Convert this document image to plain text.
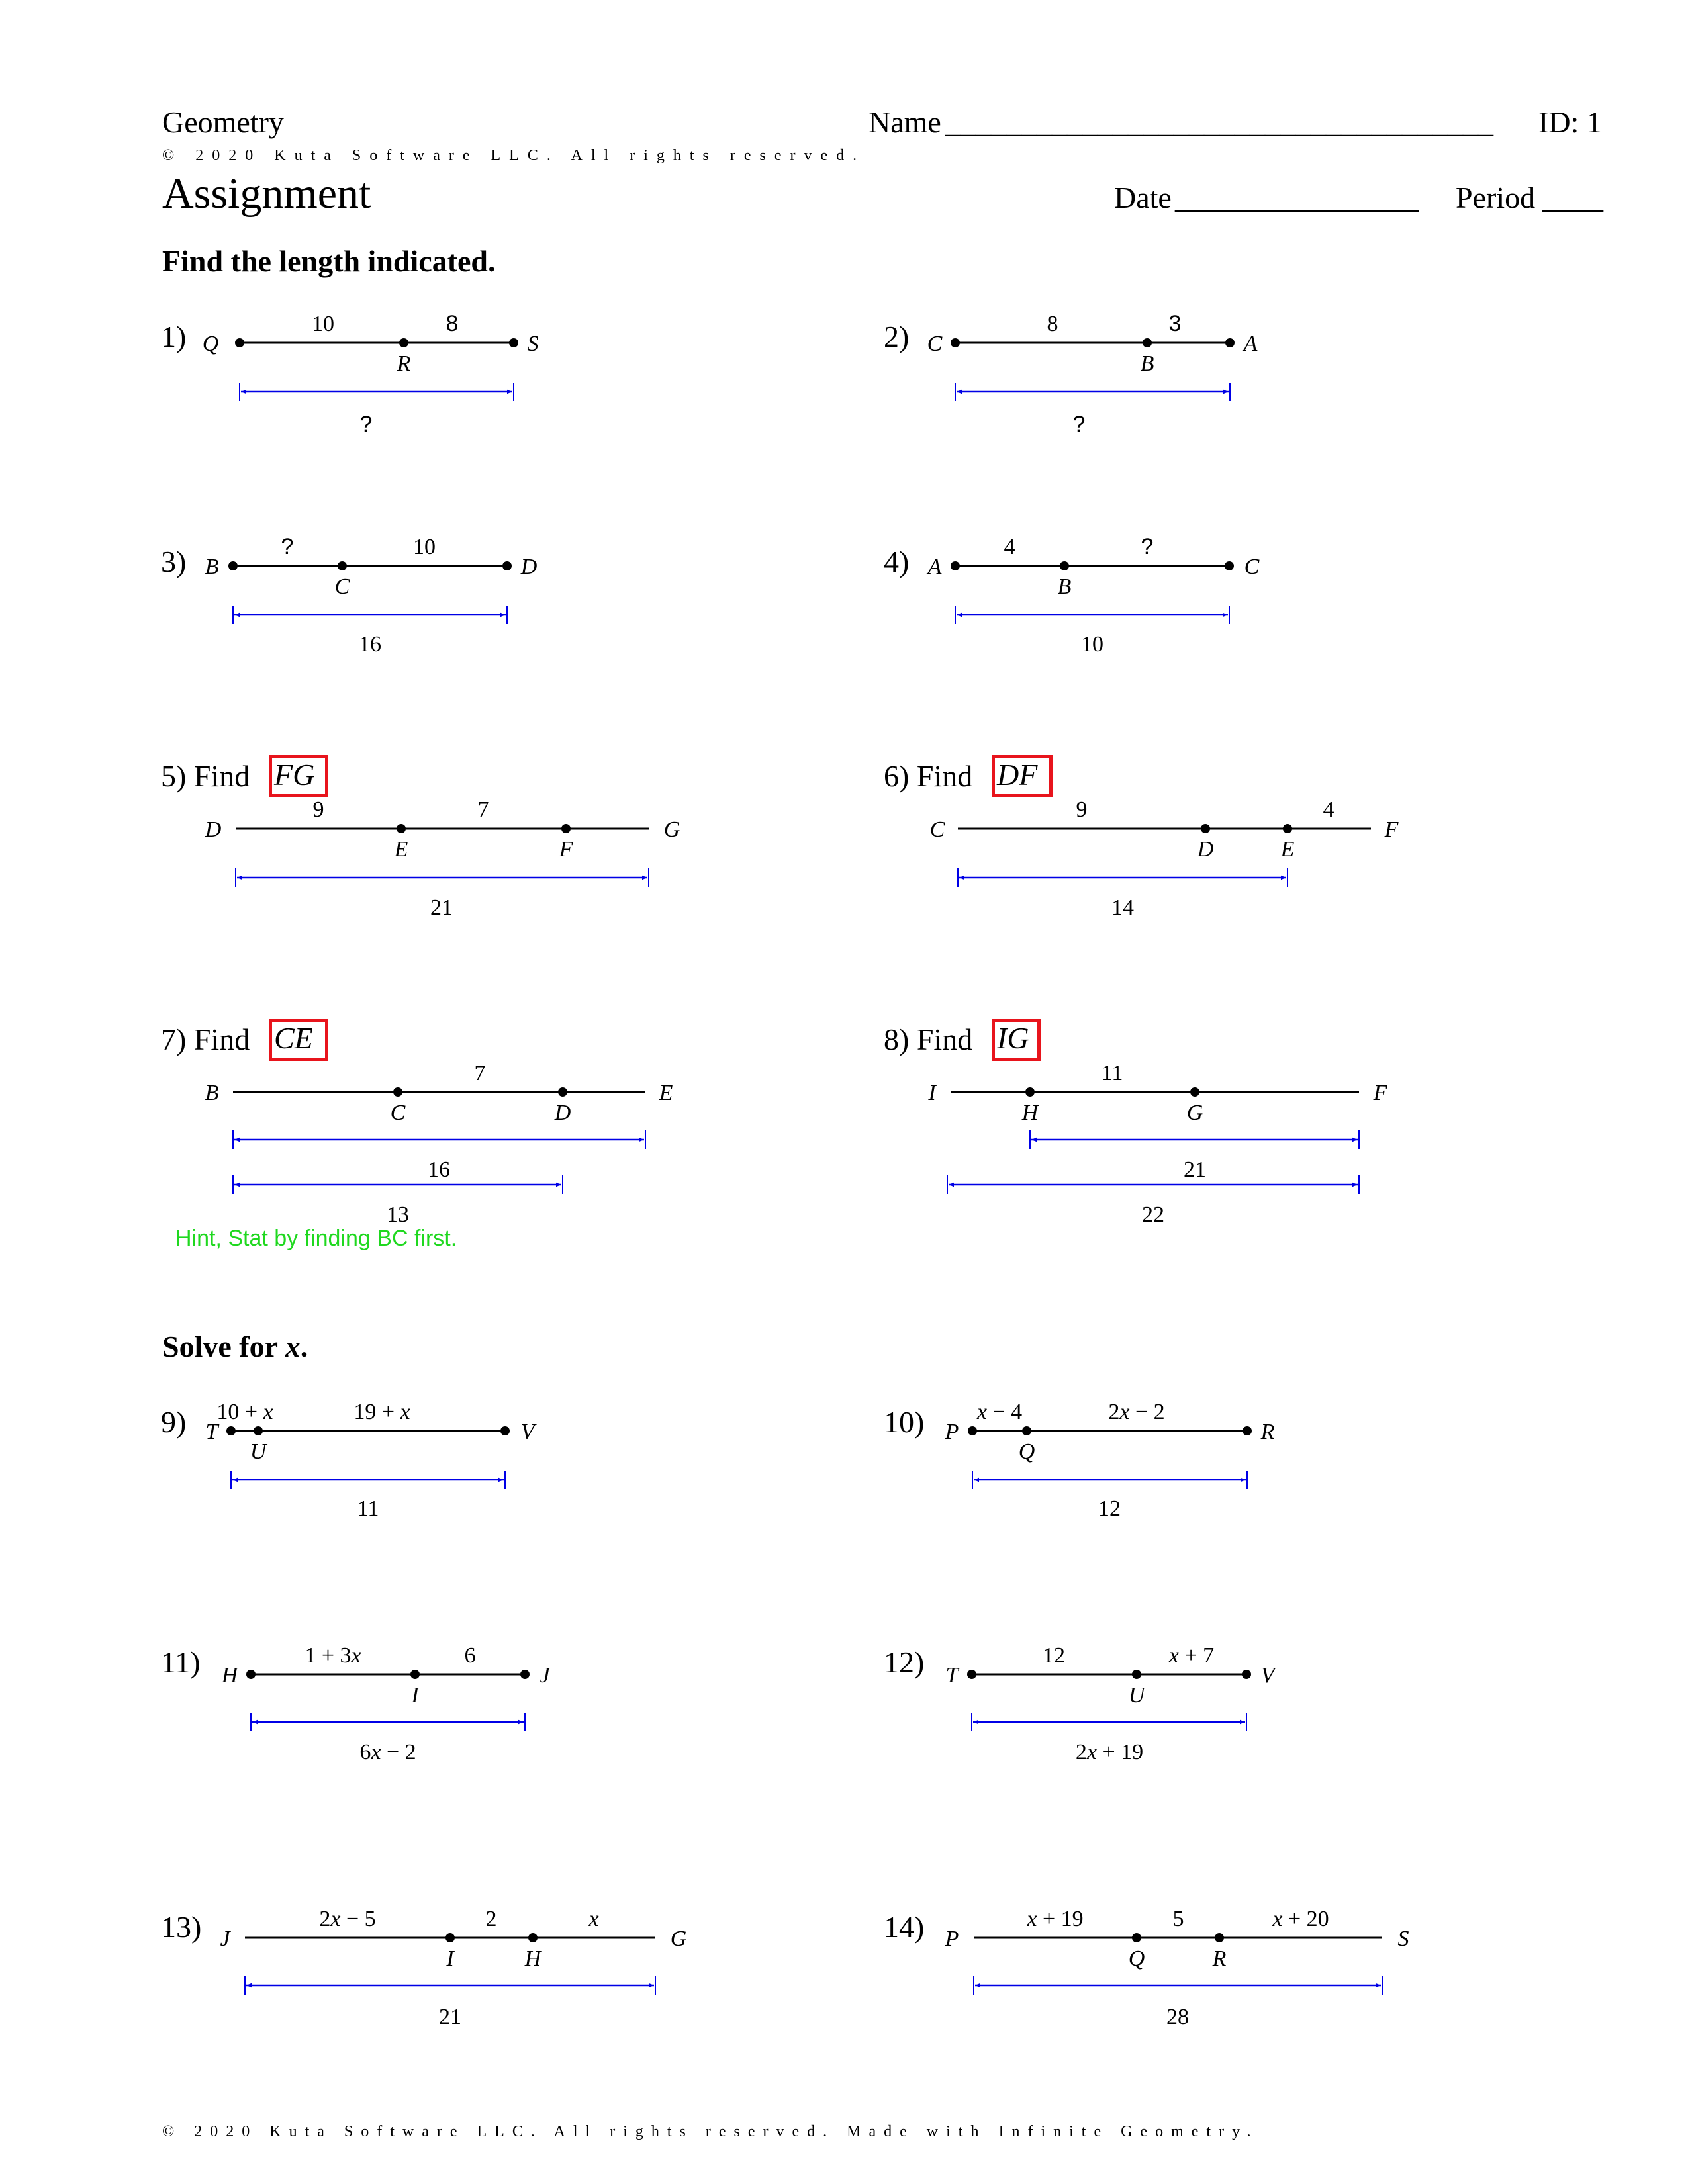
Geometry	Name ____________________________________ ID: 1
© 2020 Kuta Software LLC. All rights reserved.
Assignment	Date ________________ Period ____
Find the length indicated.
Solve for x.
1)	2)
3)	4)
5) Find FG	6) Find DF
7) Find CE	8) Find IG
Hint, Stat by finding BC first.
9)	10)
11)	12)
13)	14)
© 2020 Kuta Software LLC. All rights reserved. Made with Infinite Geometry.
Q
R
S
10	8
?
C
B
A
8	3
?
B
C
D
?	10
16
A
B
C
4	?
10
D
E	F
G
9	7
21
C
D	E
F
9	4
14
B
C	D
E
7
16
13
I
H	G
F
11
21
22
T
U
V
10 + x	19 + x
11
P
Q
R
x − 4	2x − 2
12
H
I
J
1 + 3x	6
6x − 2
T
U
V
12	x + 7
2x + 19
J
I	H
G
2x − 5	2	x
21
P
Q	R
S
x + 19	5	x + 20
28
